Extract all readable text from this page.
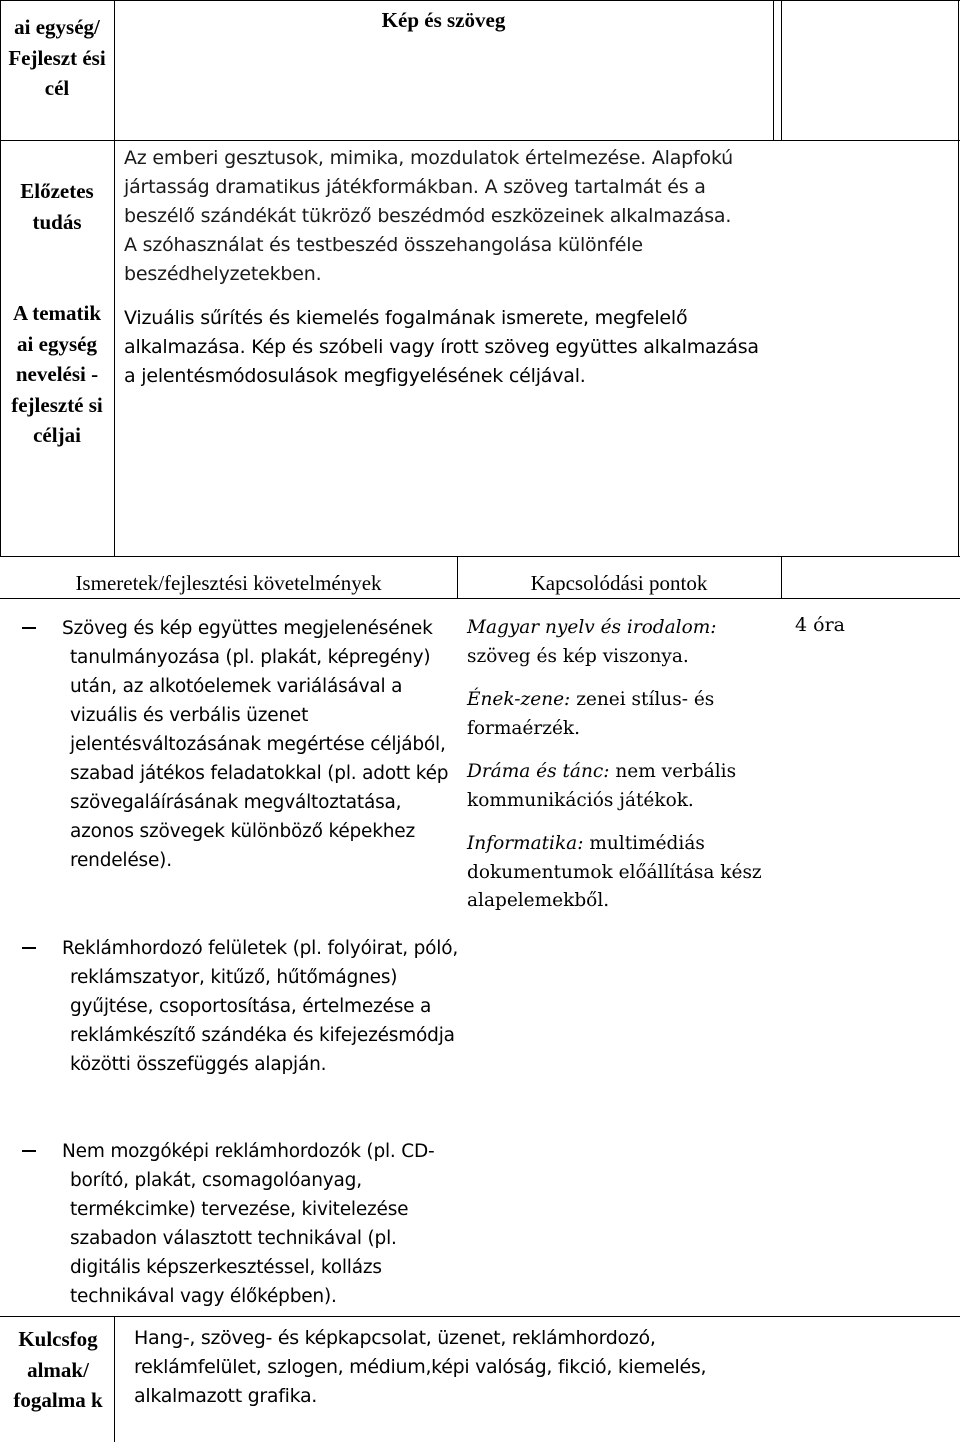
ai egység/ Fejleszt ési cél
Kép és szöveg
Előzetes tudás
Az emberi gesztusok, mimika, mozdulatok értelmezése. Alapfokú jártasság dramatikus játékformákban. A szöveg tartalmát és a beszélő szándékát tükröző beszédmód eszközeinek alkalmazása. A szóhasználat és testbeszéd összehangolása különféle beszédhelyzetekben.
A tematik ai egység nevelési - fejleszté si céljai
Vizuális sűrítés és kiemelés fogalmának ismerete, megfelelő alkalmazása. Kép és szóbeli vagy írott szöveg együttes alkalmazása a jelentésmódosulások megfigyelésének céljával.
Ismeretek/fejlesztési követelmények	Kapcsolódási pontok
Szöveg és kép együttes megjelenésének tanulmányozása (pl. plakát, képregény) után, az alkotóelemek variálásával a vizuális és verbális üzenet jelentésváltozásának megértése céljából, szabad játékos feladatokkal (pl. adott kép szövegaláírásának megváltoztatása, azonos szövegek különböző képekhez rendelése).
Reklámhordozó felületek (pl. folyóirat, póló, reklámszatyor, kitűző, hűtőmágnes) gyűjtése, csoportosítása, értelmezése a reklámkészítő szándéka és kifejezésmódja közötti összefüggés alapján.
Nem mozgóképi reklámhordozók (pl. CD-borító, plakát, csomagolóanyag, termékcimke) tervezése, kivitelezése szabadon választott technikával (pl. digitális képszerkesztéssel, kollázs technikával vagy élőképben).

Magyar nyelv és irodalom: szöveg és kép viszonya.

Ének-zene: zenei stílus- és formaérzék.

Dráma és tánc: nem verbális kommunikációs játékok.

Informatika: multimédiás dokumentumok előállítása kész alapelemekből.

4 óra
Kulcsfog almak/ fogalma k
Hang-, szöveg- és képkapcsolat, üzenet, reklámhordozó, reklámfelület, szlogen, médium,képi valóság, fikció, kiemelés, alkalmazott grafika.
